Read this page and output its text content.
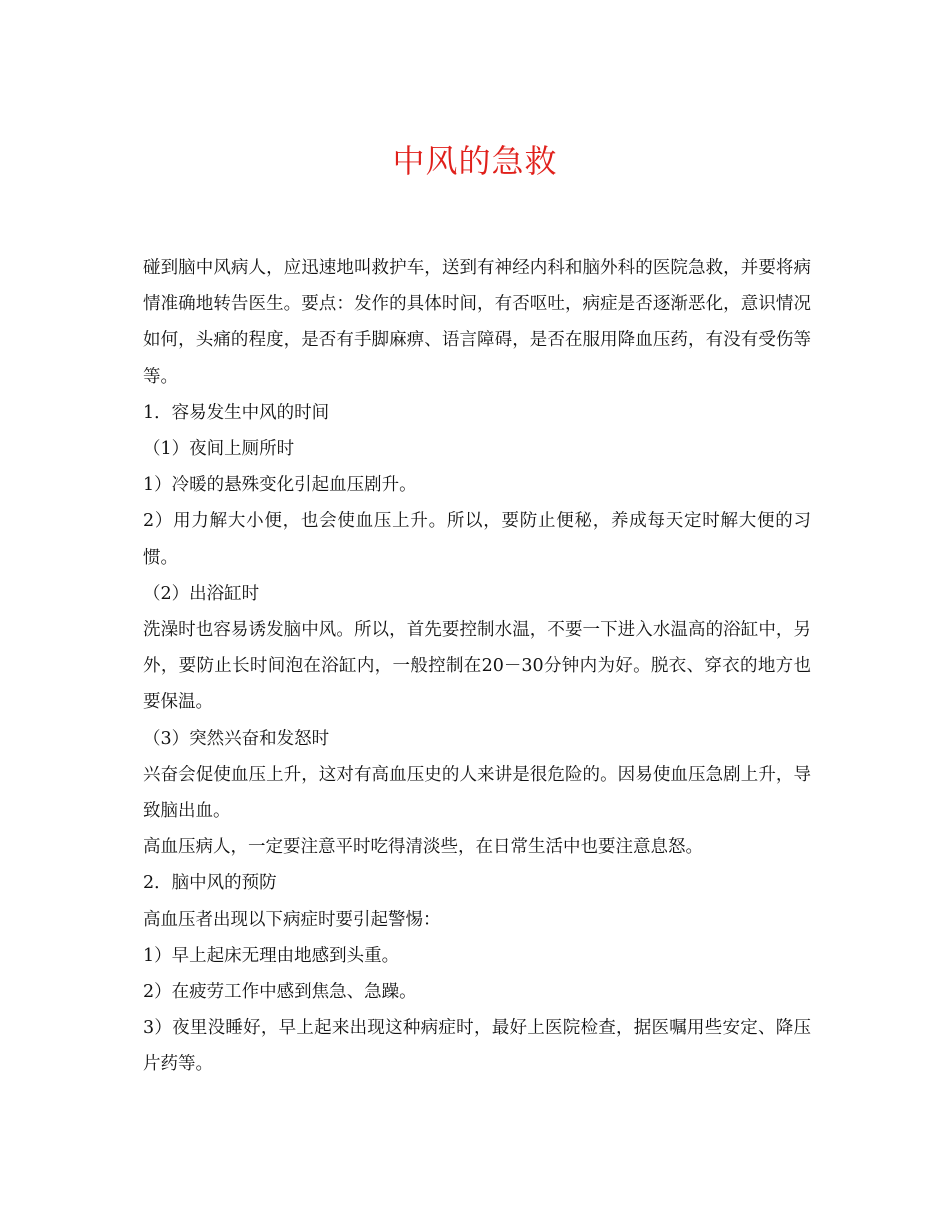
中风的急救

碰到脑中风病人，应迅速地叫救护车，送到有神经内科和脑外科的医院急救，并要将病情准确地转告医生。要点：发作的具体时间，有否呕吐，病症是否逐渐恶化，意识情况如何，头痛的程度，是否有手脚麻痹、语言障碍，是否在服用降血压药，有没有受伤等等。

1．容易发生中风的时间

（1）夜间上厕所时

1）冷暖的悬殊变化引起血压剧升。

2）用力解大小便，也会使血压上升。所以，要防止便秘，养成每天定时解大便的习惯。

（2）出浴缸时

洗澡时也容易诱发脑中风。所以，首先要控制水温，不要一下进入水温高的浴缸中，另外，要防止长时间泡在浴缸内，一般控制在20－30分钟内为好。脱衣、穿衣的地方也要保温。

（3）突然兴奋和发怒时

兴奋会促使血压上升，这对有高血压史的人来讲是很危险的。因易使血压急剧上升，导致脑出血。

高血压病人，一定要注意平时吃得清淡些，在日常生活中也要注意息怒。

2．脑中风的预防

高血压者出现以下病症时要引起警惕：

1）早上起床无理由地感到头重。

2）在疲劳工作中感到焦急、急躁。

3）夜里没睡好，早上起来出现这种病症时，最好上医院检查，据医嘱用些安定、降压片药等。
